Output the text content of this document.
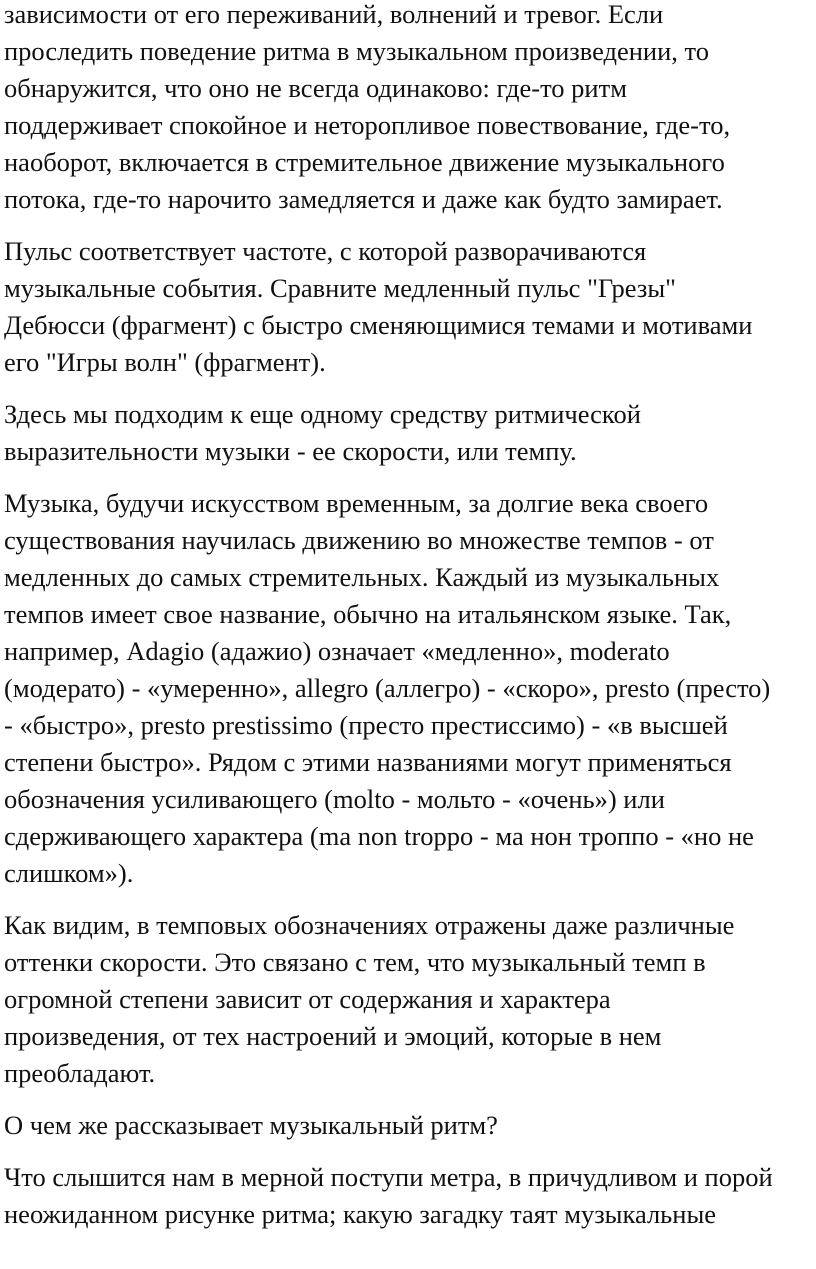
зависимости от его переживаний, волнений и тревог. Если
проследить поведение ритма в музыкальном произведении, то
обнаружится, что оно не всегда одинаково: где-то ритм
поддерживает спокойное и неторопливое повествование, где-то,
наоборот, включается в стремительное движение музыкального
потока, где-то нарочито замедляется и даже как будто замирает.
Пульс соответствует частоте, с которой разворачиваются
музыкальные события. Сравните медленный пульс "Грезы"
Дебюсси (фрагмент) с быстро сменяющимися темами и мотивами
его "Игры волн" (фрагмент).
Здесь мы подходим к еще одному средству ритмической
выразительности музыки - ее скорости, или темпу.
Музыка, будучи искусством временным, за долгие века своего
существования научилась движению во множестве темпов - от
медленных до самых стремительных. Каждый из музыкальных
темпов имеет свое название, обычно на итальянском языке. Так,
например, Adagio (адажио) означает «медленно», moderato
(модерато) - «умеренно», allegro (аллегро) - «скоро», presto (престо)
- «быстро», presto prestissimo (престо престиссимо) - «в высшей
степени быстро». Рядом с этими названиями могут применяться
обозначения усиливающего (molto - мольто - «очень») или
сдерживающего характера (ma non troppo - ма нон троппо - «но не
слишком»).
Как видим, в темповых обозначениях отражены даже различные
оттенки скорости. Это связано с тем, что музыкальный темп в
огромной степени зависит от содержания и характера
произведения, от тех настроений и эмоций, которые в нем
преобладают.
О чем же рассказывает музыкальный ритм?
Что слышится нам в мерной поступи метра, в причудливом и порой
неожиданном рисунке ритма; какую загадку таят музыкальные
